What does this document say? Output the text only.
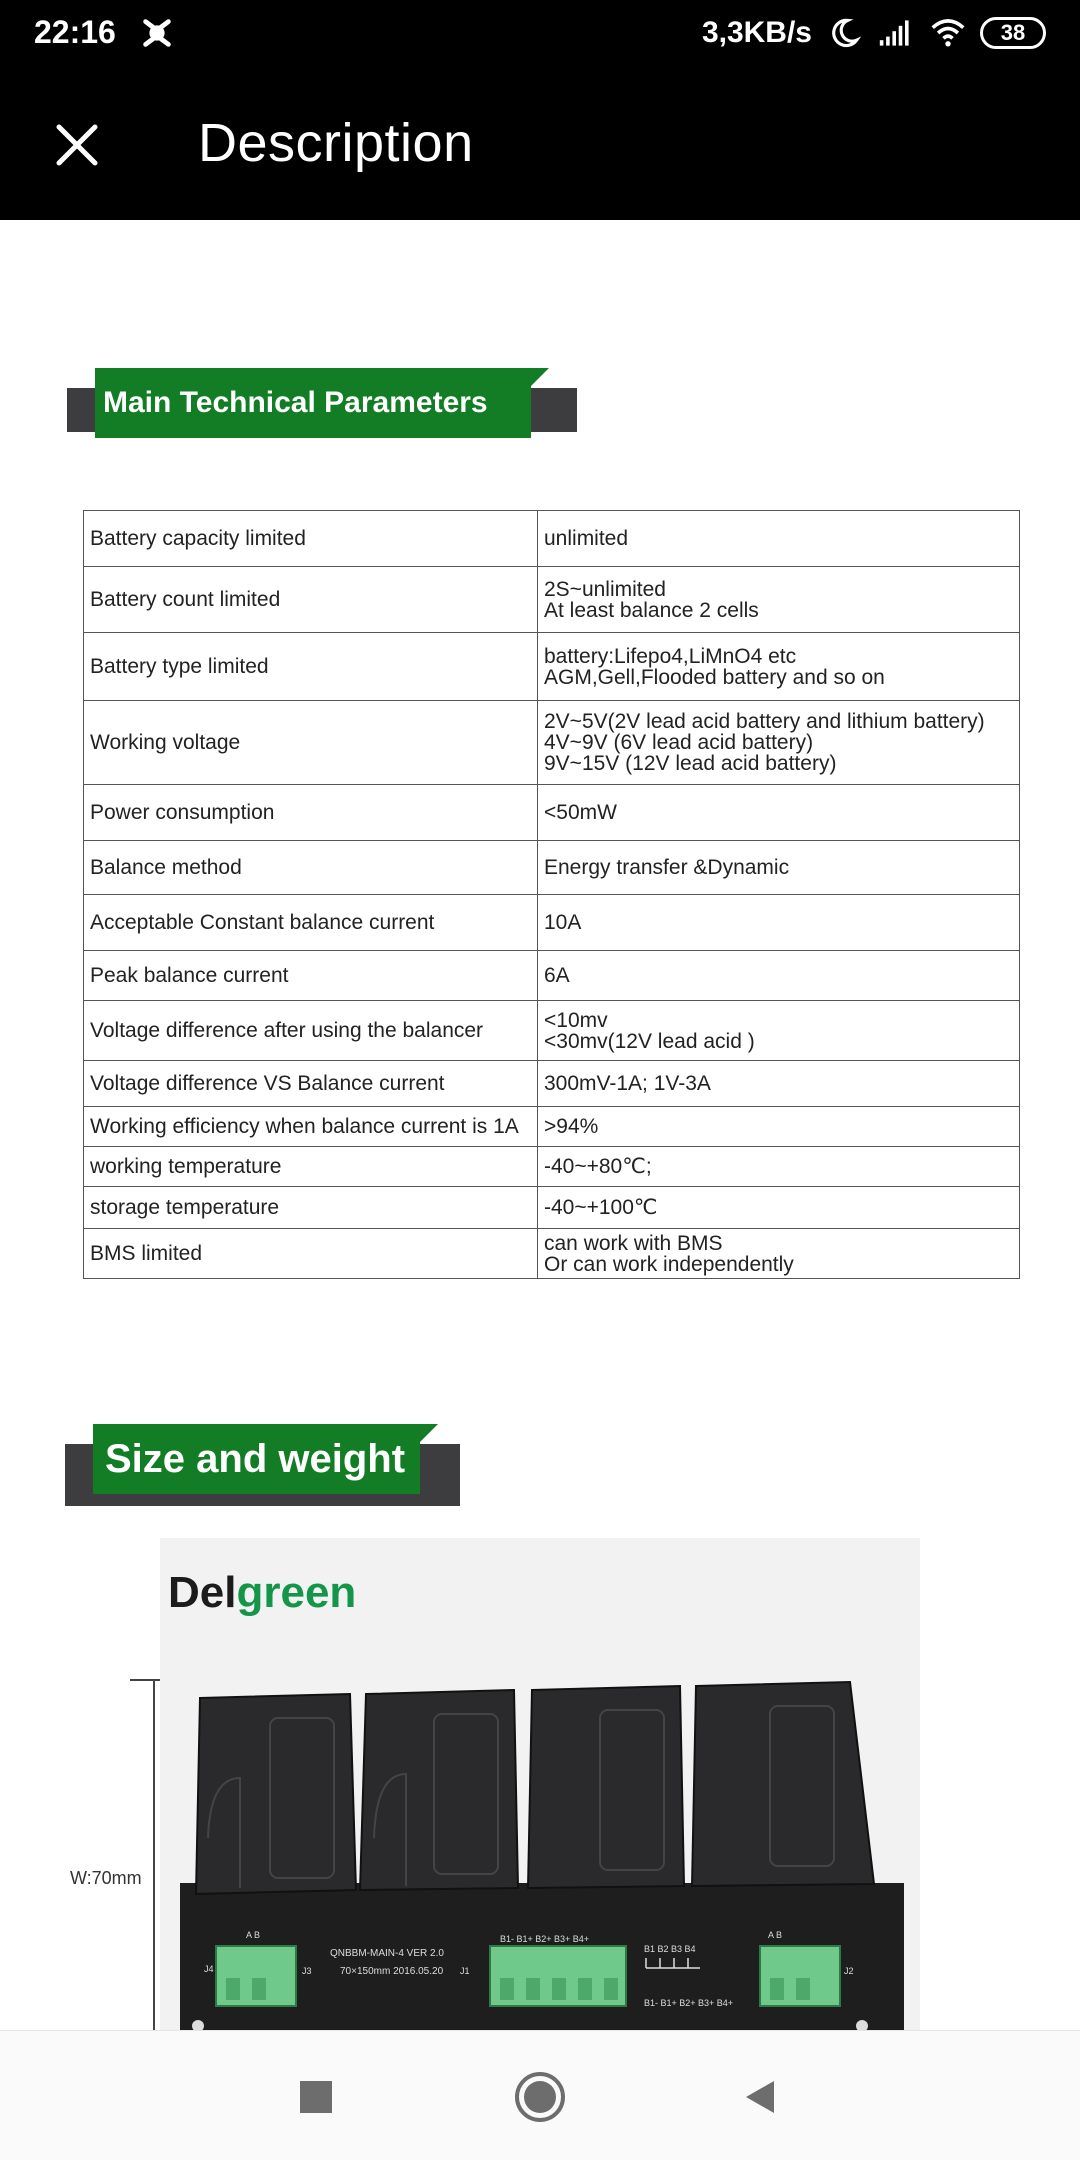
22:16	3,3KB/s	38
Description
Main Technical Parameters
Battery capacity limited	unlimited

Battery count limited	2S~unlimited
At least balance 2 cells

Battery type limited	battery:Lifepo4,LiMnO4 etc
AGM,Gell,Flooded battery and so on

Working voltage	2V~5V(2V lead acid battery and lithium battery)
4V~9V (6V lead acid battery)
9V~15V (12V lead acid battery)

Power consumption	<50mW

Balance method	Energy transfer &Dynamic

Acceptable Constant balance current	10A

Peak balance current	6A

Voltage difference after using the balancer	<10mv
<30mv(12V lead acid )

Voltage difference VS Balance current	300mV-1A; 1V-3A

Working efficiency when balance current is 1A	>94%

working temperature	-40~+80℃;

storage temperature	-40~+100℃

BMS limited	can work with BMS
Or can work independently
Size and weight
W:70mm
Delgreen
QNBBM-MAIN-4 VER 2.0
70×150mm 2016.05.20
B1- B1+ B2+ B3+ B4+
B1 B2 B3 B4
B1- B1+ B2+ B3+ B4+
J1
J3
J4	J2
A B	A B
